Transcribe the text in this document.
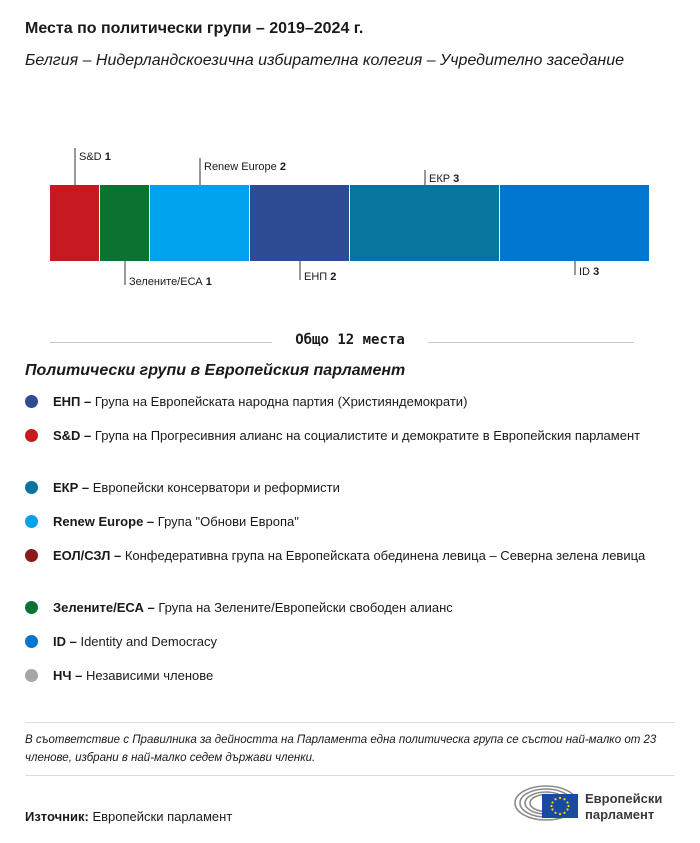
Места по политически групи – 2019–2024 г.
Белгия – Нидерландскоезична избирателна колегия – Учредително заседание
S&D 1
Зелените/ЕСА 1
Renew Europe 2
ЕНП 2
ЕКР 3
ID 3
Общо 12 места
Политически групи в Европейския парламент
ЕНП – Група на Европейската народна партия (Християндемократи)
S&D – Група на Прогресивния алианс на социалистите и демократите в Европейския парламент
ЕКР – Европейски консерватори и реформисти
Renew Europe – Група "Обнови Европа"
ЕОЛ/СЗЛ – Конфедеративна група на Европейската обединена левица – Северна зелена левица
Зелените/ЕСА – Група на Зелените/Европейски свободен алианс
ID – Identity and Democracy
НЧ – Независими членове
В съответствие с Правилника за дейността на Парламента една политическа група се състои най-малко от 23 членове, избрани в най-малко седем държави членки.
Източник: Европейски парламент
Европейски
парламент
